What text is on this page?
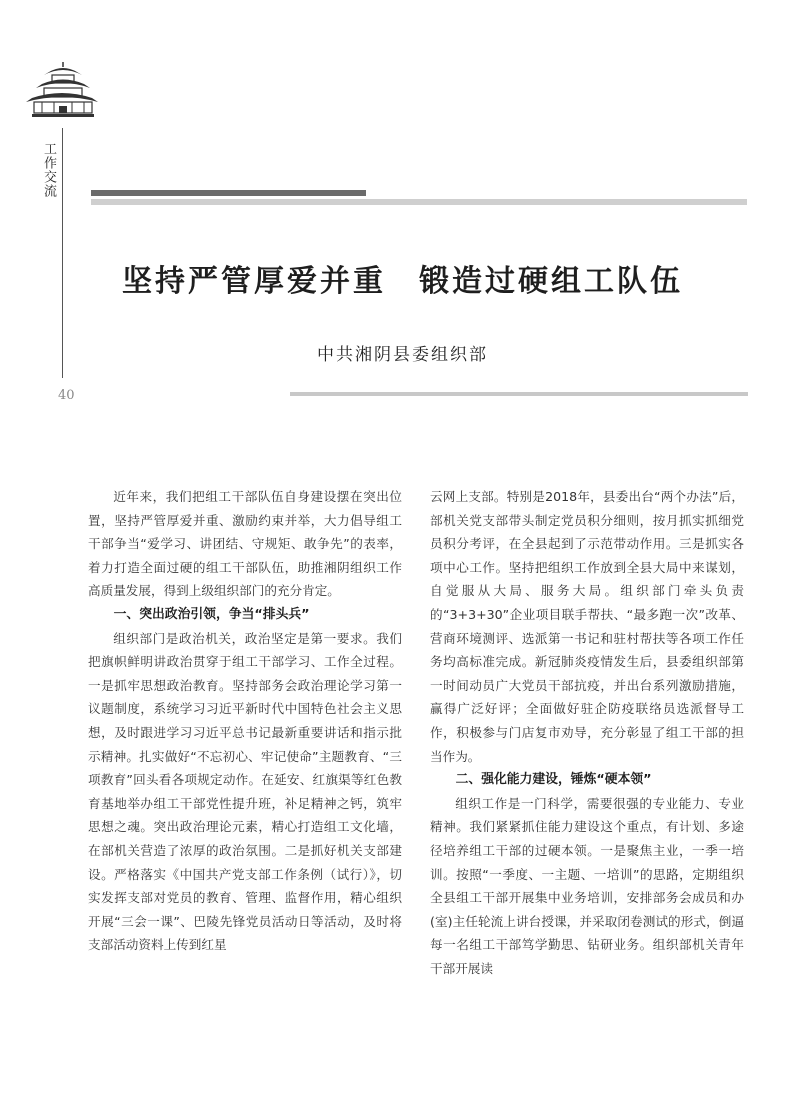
工作交流
40
坚持严管厚爱并重　锻造过硬组工队伍
中共湘阴县委组织部

近年来，我们把组工干部队伍自身建设摆在突出位置，坚持严管厚爱并重、激励约束并举，大力倡导组工干部争当“爱学习、讲团结、守规矩、敢争先”的表率，着力打造全面过硬的组工干部队伍，助推湘阴组织工作高质量发展，得到上级组织部门的充分肯定。

一、突出政治引领，争当“排头兵”

组织部门是政治机关，政治坚定是第一要求。我们把旗帜鲜明讲政治贯穿于组工干部学习、工作全过程。一是抓牢思想政治教育。坚持部务会政治理论学习第一议题制度，系统学习习近平新时代中国特色社会主义思想，及时跟进学习习近平总书记最新重要讲话和指示批示精神。扎实做好“不忘初心、牢记使命”主题教育、“三项教育”回头看各项规定动作。在延安、红旗渠等红色教育基地举办组工干部党性提升班，补足精神之钙，筑牢思想之魂。突出政治理论元素，精心打造组工文化墙，在部机关营造了浓厚的政治氛围。二是抓好机关支部建设。严格落实《中国共产党支部工作条例（试行）》，切实发挥支部对党员的教育、管理、监督作用，精心组织开展“三会一课”、巴陵先锋党员活动日等活动，及时将支部活动资料上传到红星

云网上支部。特别是2018年，县委出台“两个办法”后，部机关党支部带头制定党员积分细则，按月抓实抓细党员积分考评，在全县起到了示范带动作用。三是抓实各项中心工作。坚持把组织工作放到全县大局中来谋划，自觉服从大局、服务大局。组织部门牵头负责的“3+3+30”企业项目联手帮扶、“最多跑一次”改革、营商环境测评、选派第一书记和驻村帮扶等各项工作任务均高标准完成。新冠肺炎疫情发生后，县委组织部第一时间动员广大党员干部抗疫，并出台系列激励措施，赢得广泛好评；全面做好驻企防疫联络员选派督导工作，积极参与门店复市劝导，充分彰显了组工干部的担当作为。

二、强化能力建设，锤炼“硬本领”

组织工作是一门科学，需要很强的专业能力、专业精神。我们紧紧抓住能力建设这个重点，有计划、多途径培养组工干部的过硬本领。一是聚焦主业，一季一培训。按照“一季度、一主题、一培训”的思路，定期组织全县组工干部开展集中业务培训，安排部务会成员和办(室)主任轮流上讲台授课，并采取闭卷测试的形式，倒逼每一名组工干部笃学勤思、钻研业务。组织部机关青年干部开展读
